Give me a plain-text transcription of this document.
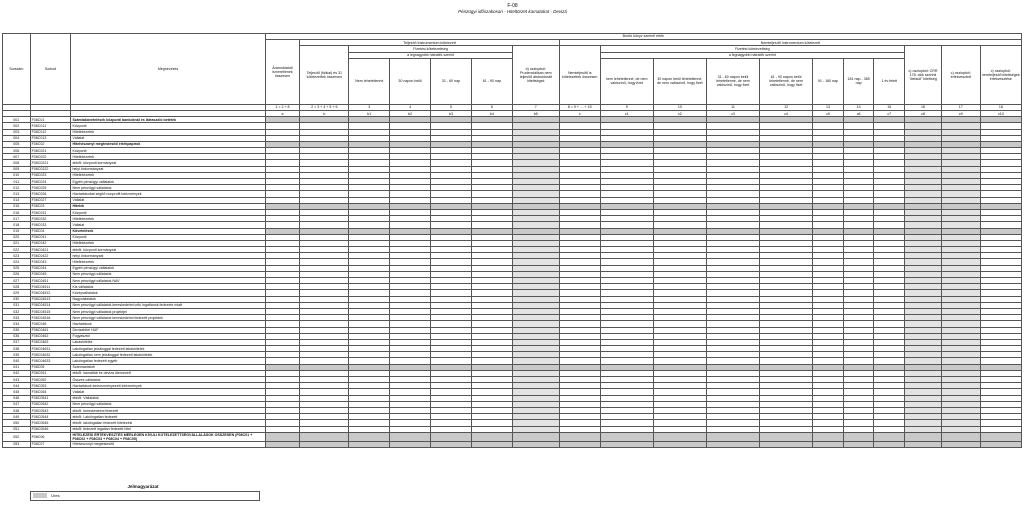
F-08
Pénzügyi időszakosan - Hiteltörzet kamatokat - Devizá
Sorszám	Sorkód	Megnevezés	Bruttó könyv szerinti érték																	
			Áramoktatott ismeretlenek összesen	Teljesítő Instrumentum kötelezett						Nemteljesítő Instrumentum kötelezett										
				Teljesítő (fizikai) és 31 kötelezettek összesen	Fizetési kötelezettség				b) oszlopból: Prudenciálisan nem teljesítő átstrukturált kitettségek	Nemteljesítő is kötelezettek összesen	Fizetési kötelezettség							c) oszlopból: CRR 178. cikk szerinti "default" kitettség	c) oszlopból: értékvesztett	c) oszlopból: nemteljesítő kitettségek értékvesztése
					a legnagyobb hátralék szerint						a legnagyobb hátralék szerint									
					Nem lehetetlenné	30 napon belül	31 - 60 nap	61 - 90 nap			nem lehetetlenné, de nem valószínű, hogy fizet	30 napon belül lehetetlenné, de nem valószínű, hogy fizet	31 - 60 napon belül lehetetlenné, de nem valószínű, hogy fizet	61 - 90 napon belül lehetetlenné, de nem valószínű, hogy fizet	91 - 180 nap	181 nap - 365 nap	1 év felett			
			1 = 2 + 8	2 = 3 + 4 + 5 + 6	3	4	5	6	7	8 = 9 + … + 15	9	10	11	12	13	14	15	16	17	18
			a	b	b1	b2	b3	b4	b5	c	c1	c2	c3	c4	c5	c6	c7	c8	c9	c10
001	F08C01	Számlakövetelések központi bankoknál és látraszóló betétek																		
002	F08C011	Központi																		
003	F08C012	Hitelintézetek																		
004	F08C013	Vállalat																		
005	F08C02	Hitelviszonyt megtestesítő értékpapírok																		
006	F08C021	Központi																		
007	F08C022	Hitelintézetek																		
008	F08C0221	ebből: központi kormányzat																		
009	F08C0222	helyi önkormányzat																		
010	F08C023	Hitelintézetek																		
011	F08C024	Egyéb pénzügyi vállalatok																		
012	F08C025	Nem pénzügyi vállalatok																		
013	F08C026	Háztartásokat segítő nonprofit intézmények																		
014	F08C027	Vállalat																		
015	F08C03	Hitelek																		
016	F08C031	Központi																		
017	F08C032	Hitelintézetek																		
018	F08C033	Vállalat																		
019	F08C04	Követelések																		
020	F08C041	Központi																		
021	F08C042	Hitelintézetek																		
022	F08C0421	ebből: központi kormányzat																		
023	F08C0422	helyi önkormányzat																		
024	F08C043	Hitelintézetek																		
025	F08C044	Egyéb pénzügyi vállalatok																		
026	F08C045	Nem pénzügyi vállalatok																		
027	F08C0451	Nem pénzügyi vállalatok NAV																		
028	F08C04511	Kis vállalatok																		
029	F08C04512	Középvállalatok																		
030	F08C04513	Nagyvállalatok																		
031	F08C04514	Nem pénzügyi vállalatok kereskedelmi célú ingatlanok fedezete miatt																		
032	F08C04515	Nem pénzügyi vállalatok projektjei																		
033	F08C04516	Nem pénzügyi vállalatok kereskedelmi fedezett projektek																		
034	F08C046	Háztartások																		
035	F08C0461	Devizahitel HUF																		
036	F08C0462	Fogyasztói																		
037	F08C0463	Lakáshitelek																		
038	F08C04631	Lakóingatlan jelzáloggal fedezett lakáshitelek																		
039	F08C04632	Lakóingatlan nem jelzáloggal fedezett lakáshitelek																		
040	F08C04633	Lakóingatlan fedezett egyéb																		
041	F08C05	Származtatott																		
042	F08C051	ebből: kamatláb és deviza ütemezett																		
043	F08C052	Összes vállalatok																		
044	F08C053	Háztartások kedvezményezett intézmények																		
045	F08C054	Vállalat																		
046	F08C0541	ebből: Vállalatok																		
047	F08C0542	Nem pénzügyi vállalatok																		
048	F08C0543	ebből: kereskedelmi fedezett																		
049	F08C0544	ebből: Lakóingatlan fedezett																		
050	F08C0545	ebből: lakóingatlan fedezett hitelezési																		
051	F08C0546	ebből: fedezett ingatlan fedezett hitel																		
052	F08C06	HITELEZÉSI ÉRTÉKVESZTÉS MÉRLEGEN KÍVÜLI KÖTELEZETTSÉGVÁLLALÁSOK ÖSSZESEN (F08C01 + F08C02 + F08C03 + F08C04 + F08C05)																		
053	F08C07	Hitelviszonyt megtestesítő																		
Jelmagyarázat
Üres
